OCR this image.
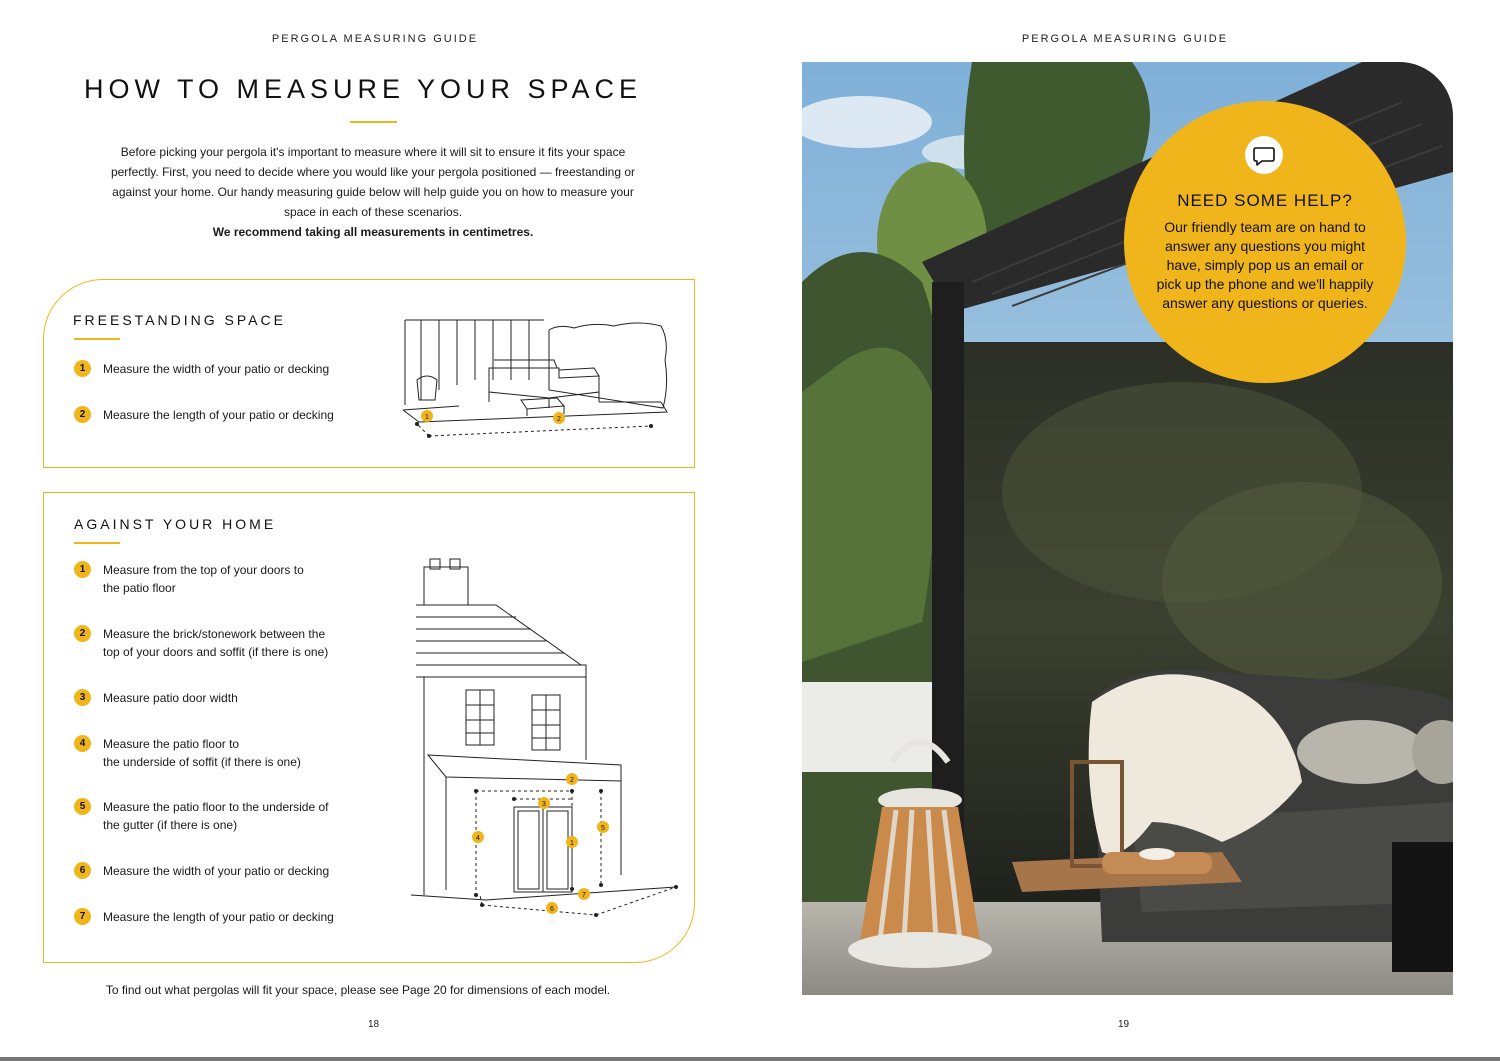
PERGOLA MEASURING GUIDE
HOW TO MEASURE YOUR SPACE
Before picking your pergola it's important to measure where it will sit to ensure it fits your space perfectly. First, you need to decide where you would like your pergola positioned — freestanding or against your home. Our handy measuring guide below will help guide you on how to measure your space in each of these scenarios.
We recommend taking all measurements in centimetres.
FREESTANDING SPACE
1	Measure the width of your patio or decking
2	Measure the length of your patio or decking	1	2
AGAINST YOUR HOME
1	Measure from the top of your doors to
the patio floor
2	Measure the brick/stonework between the
top of your doors and soffit (if there is one)
3	Measure patio door width
4	Measure the patio floor to
the underside of soffit (if there is one)
5	Measure the patio floor to the underside of
the gutter (if there is one)
6	Measure the width of your patio or decking
7	Measure the length of your patio or decking
2
3
4
5
1
6
7
To find out what pergolas will fit your space, please see Page 20 for dimensions of each model.
18
PERGOLA MEASURING GUIDE
NEED SOME HELP?
Our friendly team are on hand to answer any questions you might have, simply pop us an email or pick up the phone and we'll happily answer any questions or queries.
19
